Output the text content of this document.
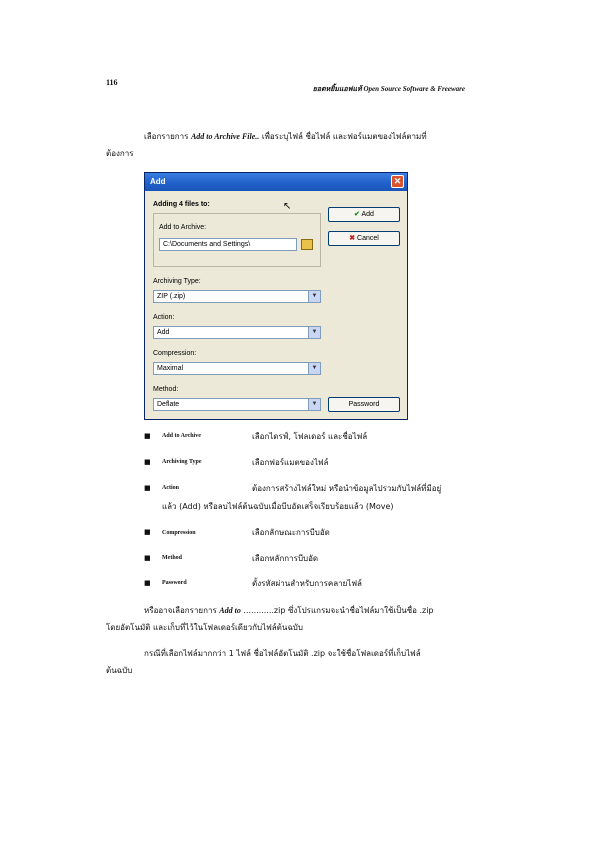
116
ยอดหยิ้มแอฟแท้ Open Source Software & Freeware
เลือกรายการ Add to Archive File.. เพื่อระบุไฟล์ ชื่อไฟล์ และฟอร์แมตของไฟล์ตามที่
ต้องการ
Add	✕
Adding 4 files to:	↖
Add to Archive:
C:\Documents and Settings\
✔ Add
✖ Cancel
Archiving Type:
ZIP (.zip)	▼
Action:
Add	▼
Compression:
Maximal	▼
Method:
Deflate	▼	Password
■ Add to Archive	เลือกไดรฟ์, โฟลเดอร์ และชื่อไฟล์
■ Archiving Type	เลือกฟอร์แมตของไฟล์
■ Action	ต้องการสร้างไฟล์ใหม่ หรือนำข้อมูลไปรวมกับไฟล์ที่มีอยู่
แล้ว (Add) หรือลบไฟล์ต้นฉบับเมื่อบีบอัดเสร็จเรียบร้อยแล้ว (Move)
■ Compression	เลือกลักษณะการบีบอัด
■ Method	เลือกหลักการบีบอัด
■ Password	ตั้งรหัสผ่านสำหรับการคลายไฟล์
หรืออาจเลือกรายการ Add to ............zip ซึ่งโปรแกรมจะนำชื่อไฟล์มาใช้เป็นชื่อ .zip
โดยอัตโนมัติ และเก็บที่ไว้ในโฟลเดอร์เดียวกับไฟล์ต้นฉบับ
กรณีที่เลือกไฟล์มากกว่า 1 ไฟล์ ชื่อไฟล์อัตโนมัติ .zip จะใช้ชื่อโฟลเดอร์ที่เก็บไฟล์
ต้นฉบับ
